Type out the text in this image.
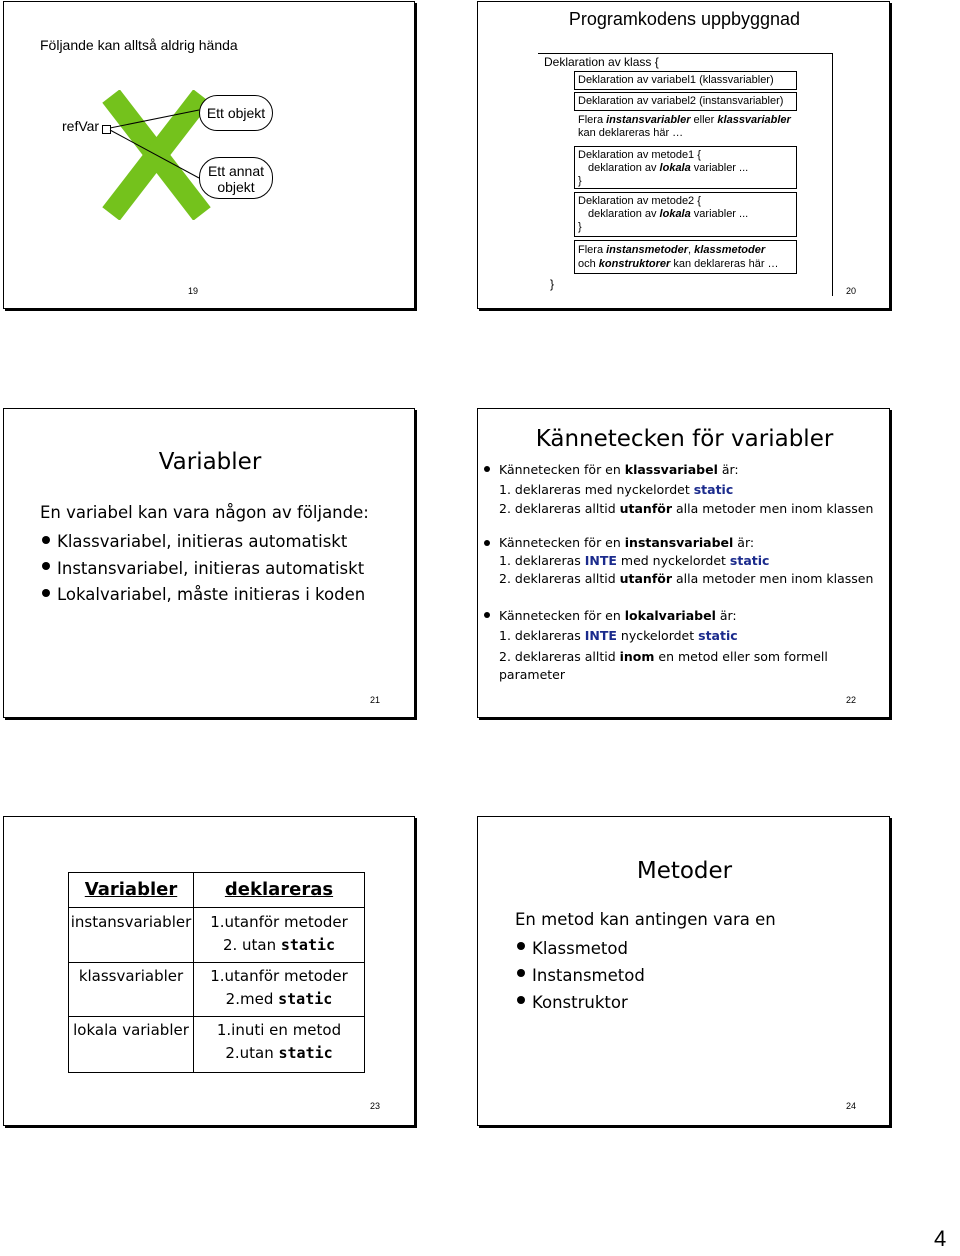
Följande kan alltså aldrig hända
refVar
Ett objekt
Ett annat
objekt
19
Programkodens uppbyggnad
Deklaration av klass {
Deklaration av variabel1 (klassvariabler)
Deklaration av variabel2 (instansvariabler)
Flera instansvariabler eller klassvariabler
kan deklareras här …
Deklaration av metode1 {
deklaration av lokala variabler ...
}
Deklaration av metode2 {
deklaration av lokala variabler ...
}
Flera instansmetoder, klassmetoder
och konstruktorer kan deklareras här …
}	20
Variabler
En variabel kan vara någon av följande:
Klassvariabel, initieras automatiskt
Instansvariabel, initieras automatiskt
Lokalvariabel, måste initieras i koden
21
Kännetecken för variabler
Kännetecken för en klassvariabel är:
1. deklareras med nyckelordet static
2. deklareras alltid utanför alla metoder men inom klassen
Kännetecken för en instansvariabel är:
1. deklareras INTE med nyckelordet static
2. deklareras alltid utanför alla metoder men inom klassen
Kännetecken för en lokalvariabel är:
1. deklareras INTE nyckelordet static
2. deklareras alltid inom en metod eller som formell
parameter
22
Variabler	deklareras
instansvariabler	1.utanför metoder
2. utan static

klassvariabler	1.utanför metoder
2.med static

lokala variabler	1.inuti en metod
2.utan static
23
Metoder
En metod kan antingen vara en
Klassmetod
Instansmetod
Konstruktor
24
4
